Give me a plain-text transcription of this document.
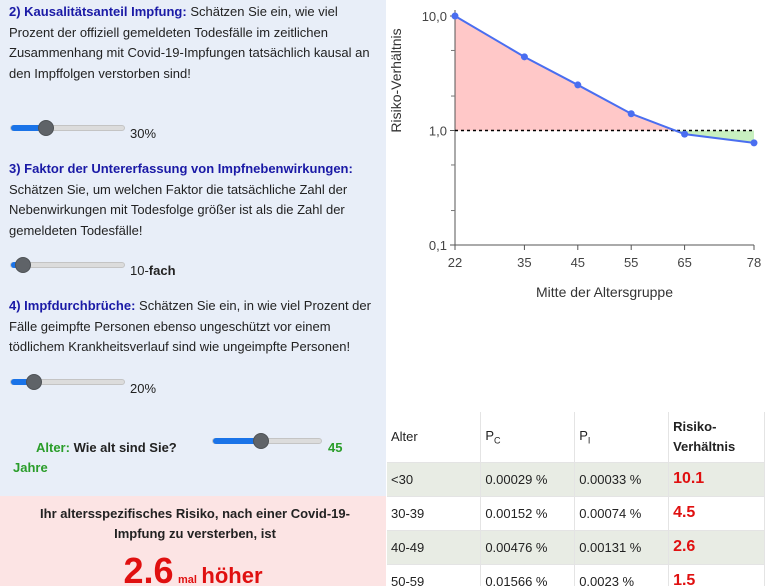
2) Kausalitätsanteil Impfung: Schätzen Sie ein, wie viel Prozent der offiziell gemeldeten Todesfälle im zeitlichen Zusammenhang mit Covid-19-Impfungen tatsächlich kausal an den Impffolgen verstorben sind!
30%
3) Faktor der Untererfassung von Impfnebenwirkungen: Schätzen Sie, um welchen Faktor die tatsächliche Zahl der Nebenwirkungen mit Todesfolge größer ist als die Zahl der gemeldeten Todesfälle!
10-fach
4) Impfdurchbrüche: Schätzen Sie ein, in wie viel Prozent der Fälle geimpfte Personen ebenso ungeschützt vor einem tödlichem Krankheitsverlauf sind wie ungeimpfte Personen!
20%
0,1
1,0
10,0
22	35	45	55	65	78
Mitte der Altersgruppe
Risiko-Verhältnis
Alter: Wie alt sind Sie?	45
Jahre
Ihr altersspezifisches Risiko, nach einer Covid-19-Impfung zu versterben, ist
2.6 mal höher
Alter	$P_C$	$P_I$	Risiko-Verhältnis
<30	0.00029 %	0.00033 %	10.1
30-39	0.00152 %	0.00074 %	4.5
40-49	0.00476 %	0.00131 %	2.6
50-59	0.01566 %	0.0023 %	1.5
